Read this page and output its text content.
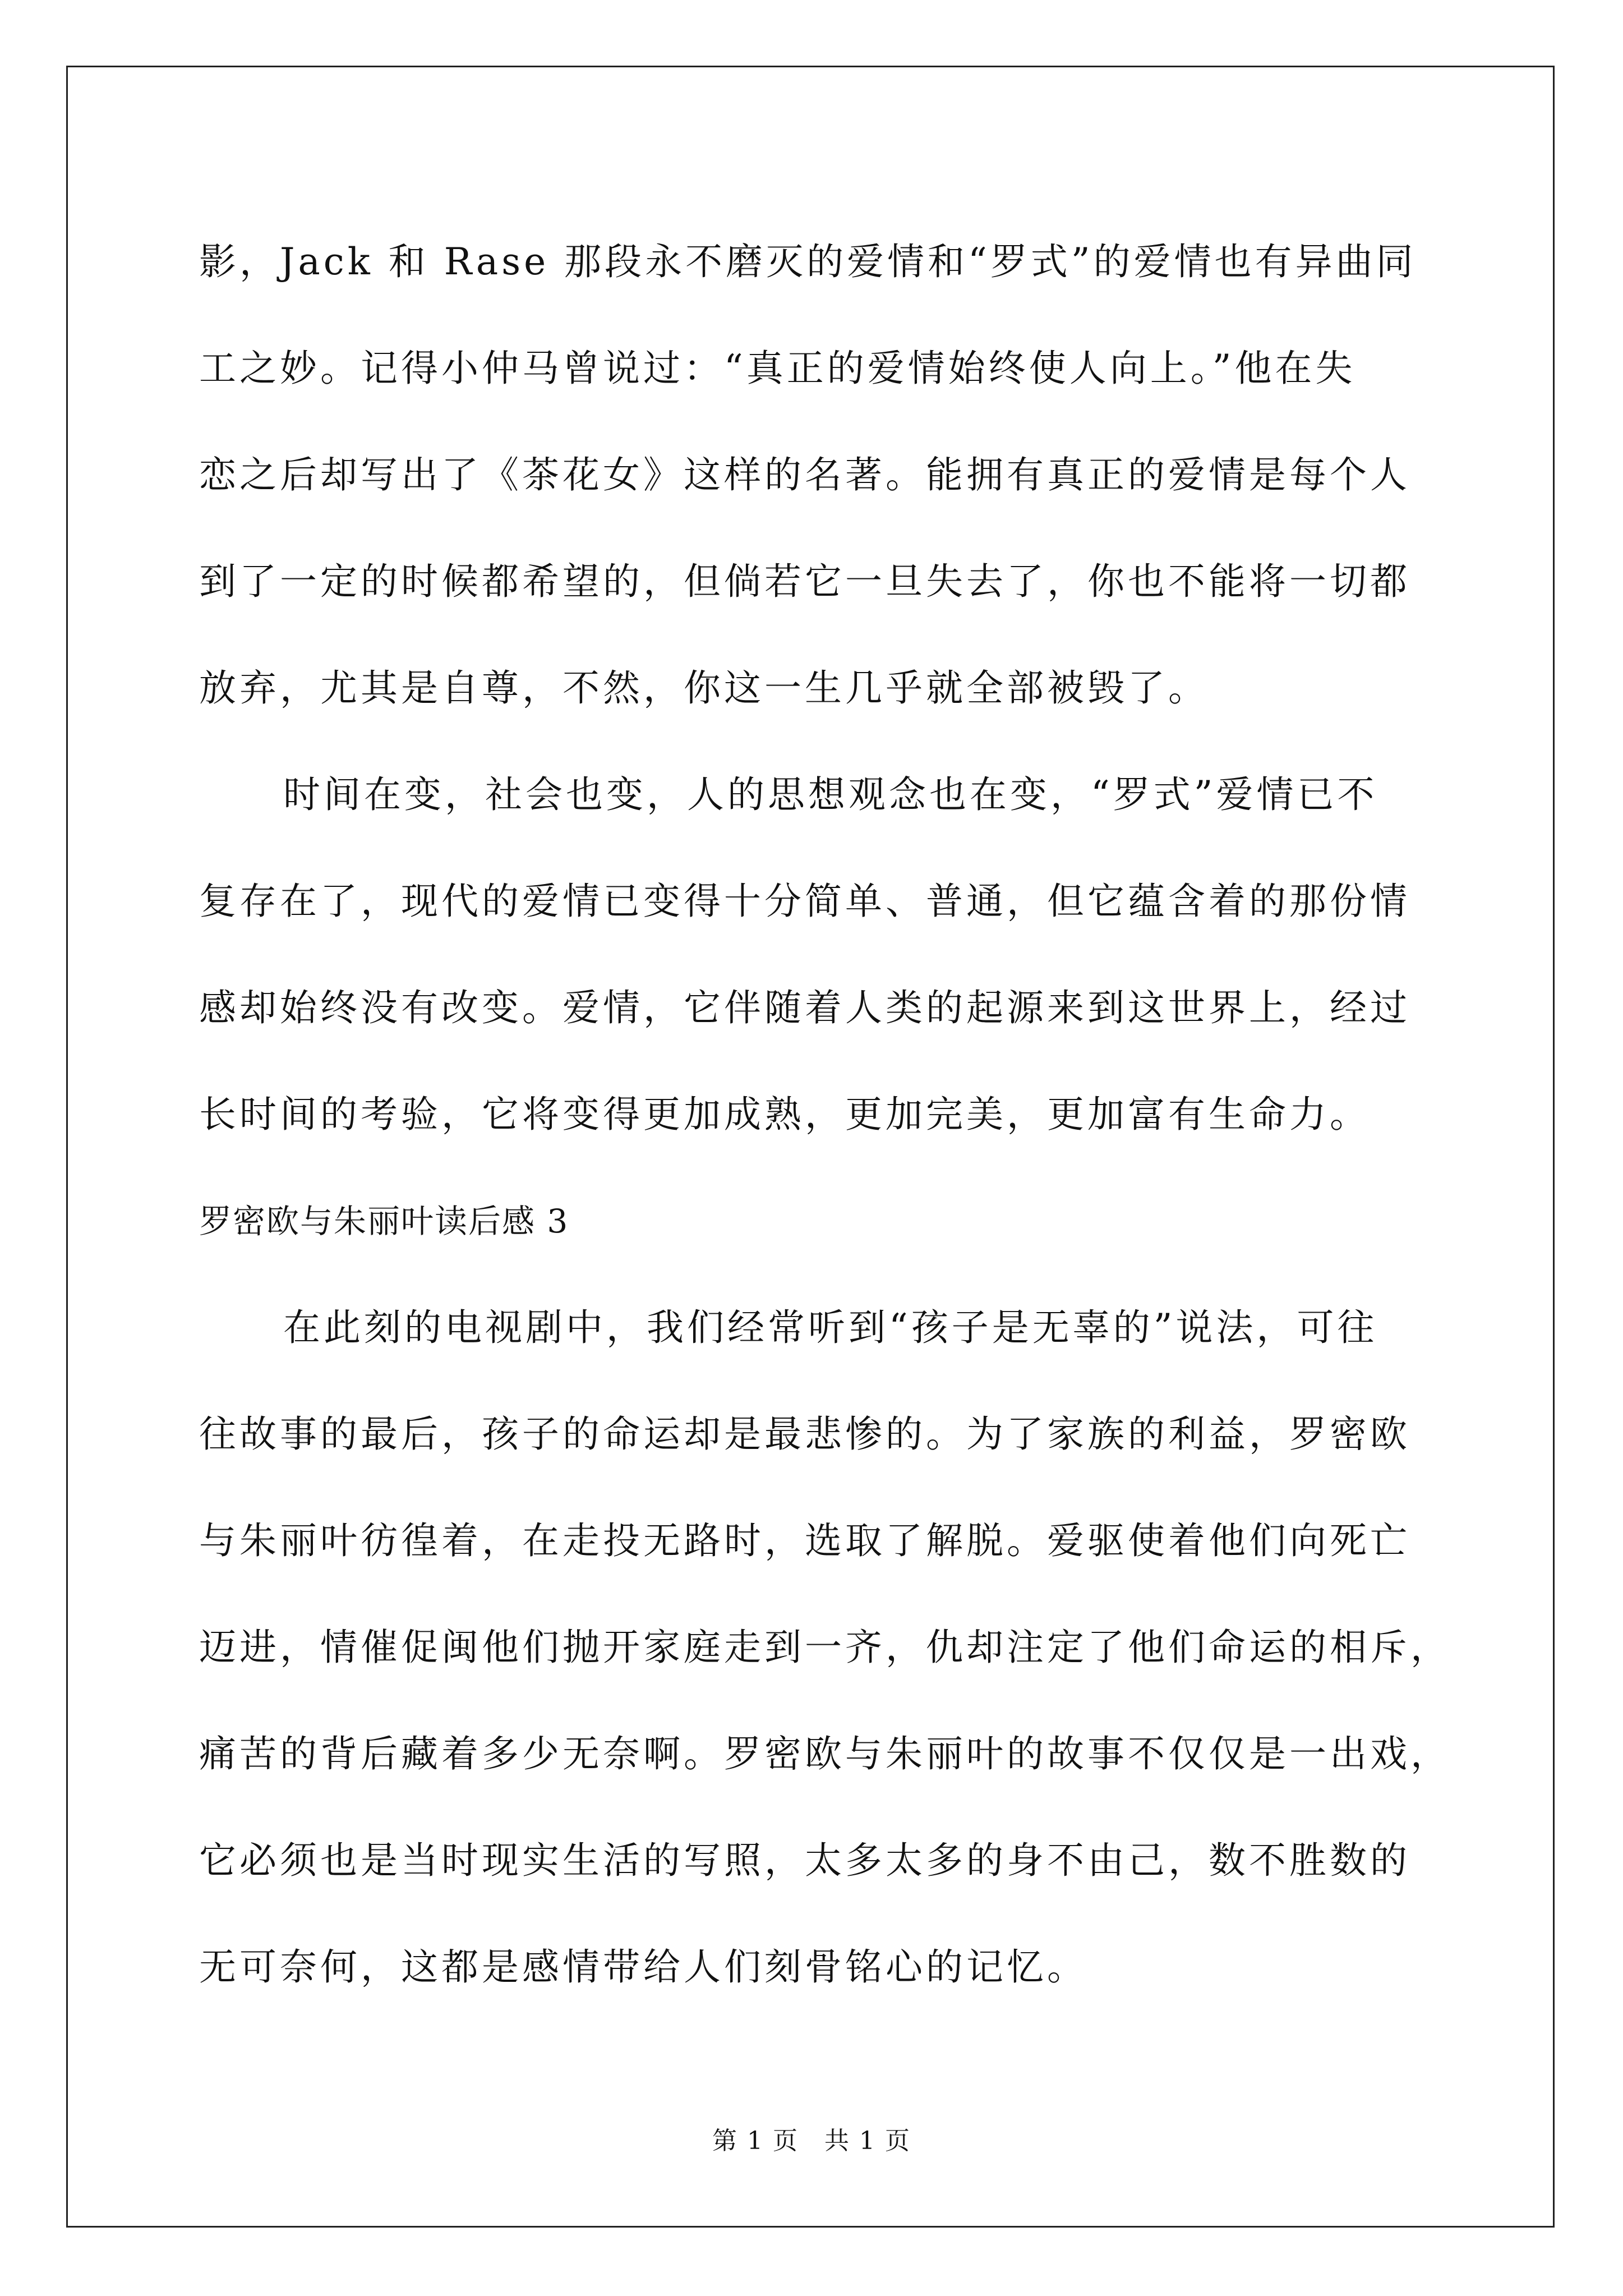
影，Jack 和 Rase 那段永不磨灭的爱情和“罗式”的爱情也有异曲同
工之妙。记得小仲马曾说过：“真正的爱情始终使人向上。”他在失
恋之后却写出了《茶花女》这样的名著。能拥有真正的爱情是每个人
到了一定的时候都希望的，但倘若它一旦失去了，你也不能将一切都
放弃，尤其是自尊，不然，你这一生几乎就全部被毁了。
时间在变，社会也变，人的思想观念也在变，“罗式”爱情已不
复存在了，现代的爱情已变得十分简单、普通，但它蕴含着的那份情
感却始终没有改变。爱情，它伴随着人类的起源来到这世界上，经过
长时间的考验，它将变得更加成熟，更加完美，更加富有生命力。
罗密欧与朱丽叶读后感 3
在此刻的电视剧中，我们经常听到“孩子是无辜的”说法，可往
往故事的最后，孩子的命运却是最悲惨的。为了家族的利益，罗密欧
与朱丽叶彷徨着，在走投无路时，选取了解脱。爱驱使着他们向死亡
迈进，情催促闽他们抛开家庭走到一齐，仇却注定了他们命运的相斥，
痛苦的背后藏着多少无奈啊。罗密欧与朱丽叶的故事不仅仅是一出戏，
它必须也是当时现实生活的写照，太多太多的身不由己，数不胜数的
无可奈何，这都是感情带给人们刻骨铭心的记忆。
第 1 页　共 1 页
